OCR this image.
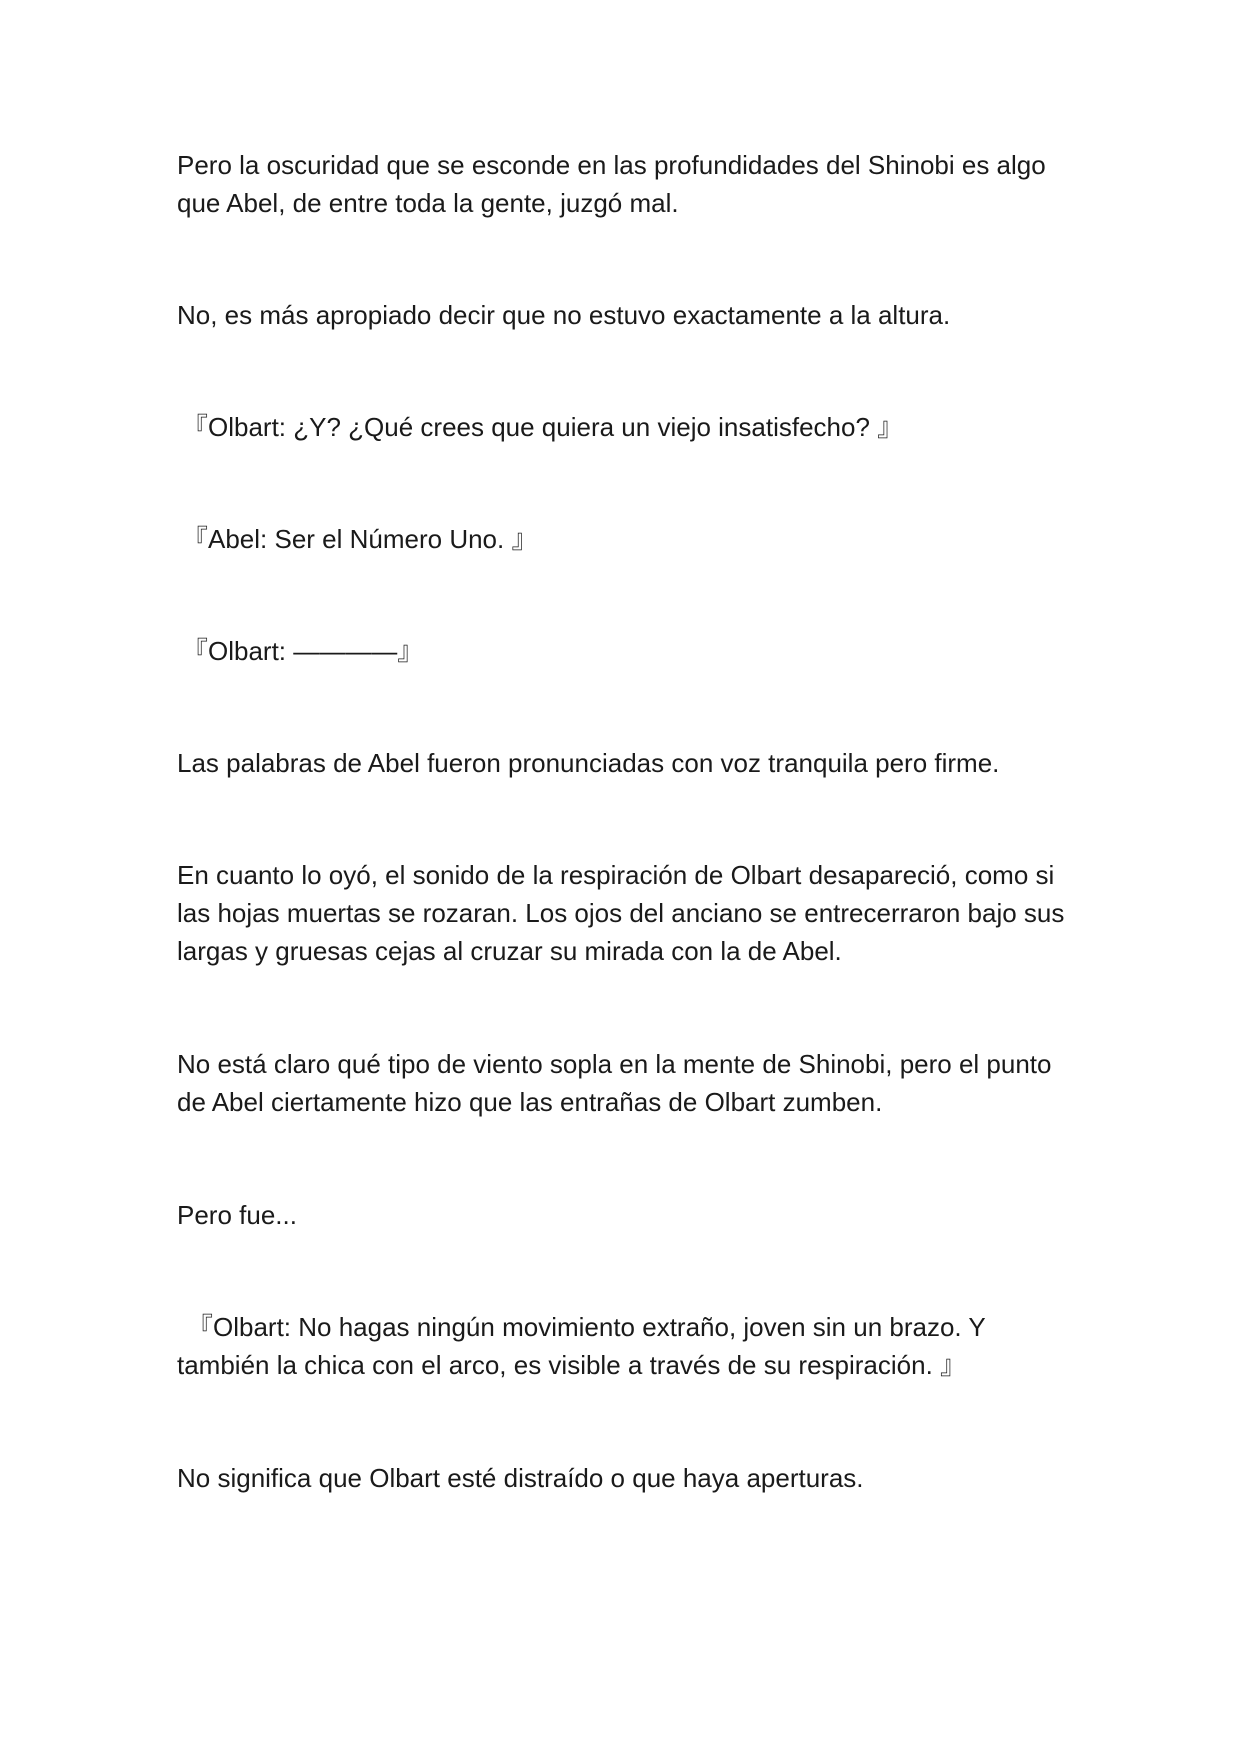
Pero la oscuridad que se esconde en las profundidades del Shinobi es algo que Abel, de entre toda la gente, juzgó mal.

No, es más apropiado decir que no estuvo exactamente a la altura.

『Olbart: ¿Y? ¿Qué crees que quiera un viejo insatisfecho? 』

『Abel: Ser el Número Uno. 』

『Olbart: ————』

Las palabras de Abel fueron pronunciadas con voz tranquila pero firme.

En cuanto lo oyó, el sonido de la respiración de Olbart desapareció, como si las hojas muertas se rozaran. Los ojos del anciano se entrecerraron bajo sus largas y gruesas cejas al cruzar su mirada con la de Abel.

No está claro qué tipo de viento sopla en la mente de Shinobi, pero el punto de Abel ciertamente hizo que las entrañas de Olbart zumben.

Pero fue...

『Olbart: No hagas ningún movimiento extraño, joven sin un brazo. Y también la chica con el arco, es visible a través de su respiración. 』

No significa que Olbart esté distraído o que haya aperturas.
